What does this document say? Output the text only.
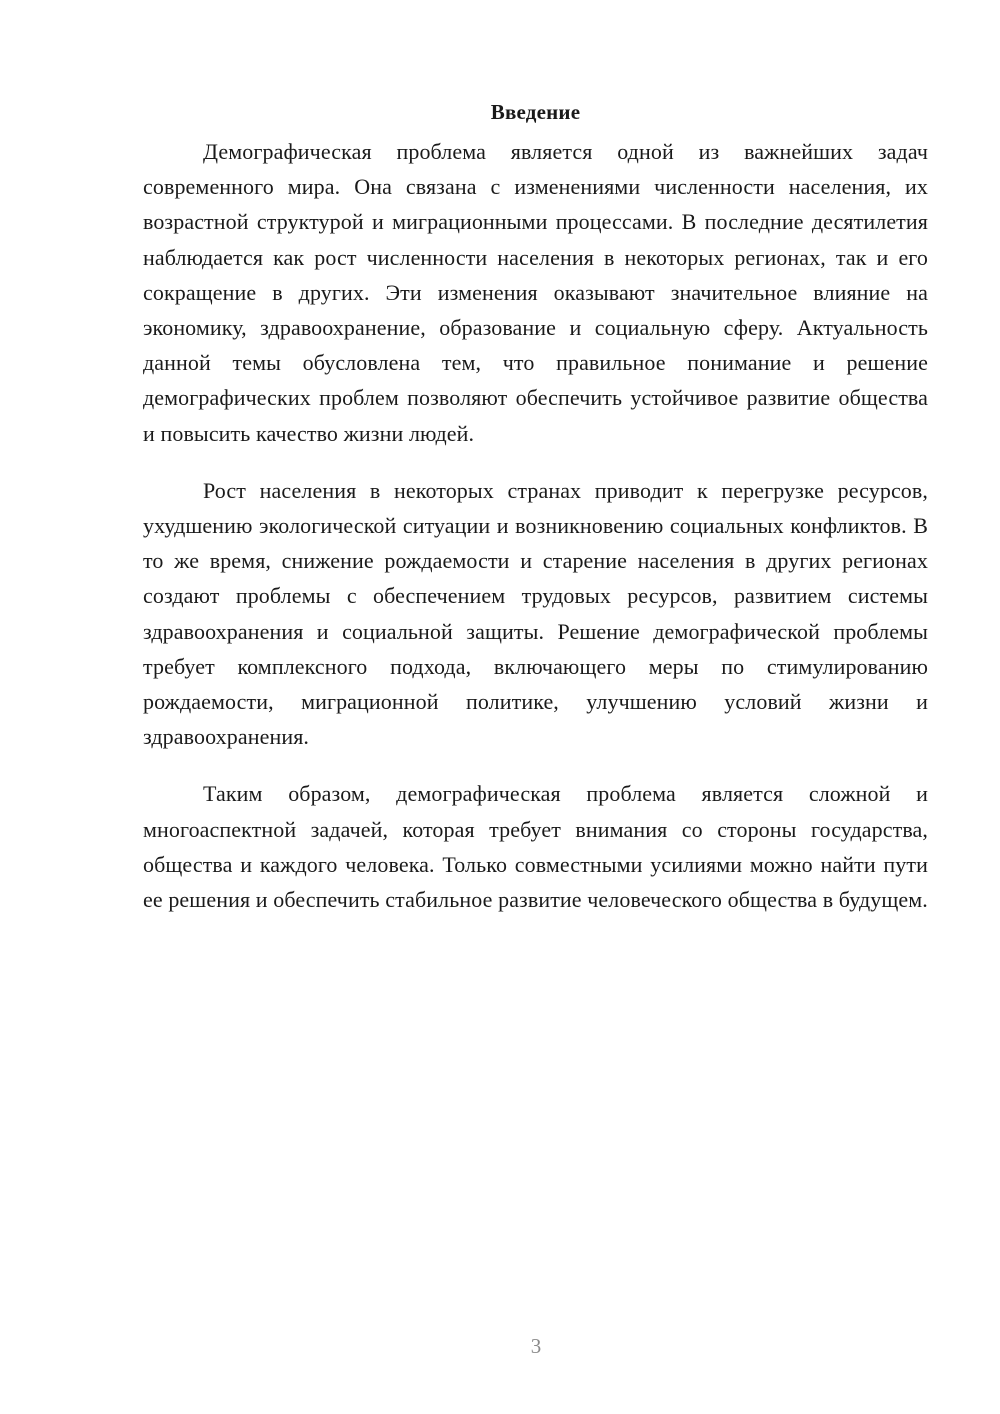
Введение

Демографическая проблема является одной из важнейших задач современного мира. Она связана с изменениями численности населения, их возрастной структурой и миграционными процессами. В последние десятилетия наблюдается как рост численности населения в некоторых регионах, так и его сокращение в других. Эти изменения оказывают значительное влияние на экономику, здравоохранение, образование и социальную сферу. Актуальность данной темы обусловлена тем, что правильное понимание и решение демографических проблем позволяют обеспечить устойчивое развитие общества и повысить качество жизни людей.

Рост населения в некоторых странах приводит к перегрузке ресурсов, ухудшению экологической ситуации и возникновению социальных конфликтов. В то же время, снижение рождаемости и старение населения в других регионах создают проблемы с обеспечением трудовых ресурсов, развитием системы здравоохранения и социальной защиты. Решение демографической проблемы требует комплексного подхода, включающего меры по стимулированию рождаемости, миграционной политике, улучшению условий жизни и здравоохранения.

Таким образом, демографическая проблема является сложной и многоаспектной задачей, которая требует внимания со стороны государства, общества и каждого человека. Только совместными усилиями можно найти пути ее решения и обеспечить стабильное развитие человеческого общества в будущем.

3
